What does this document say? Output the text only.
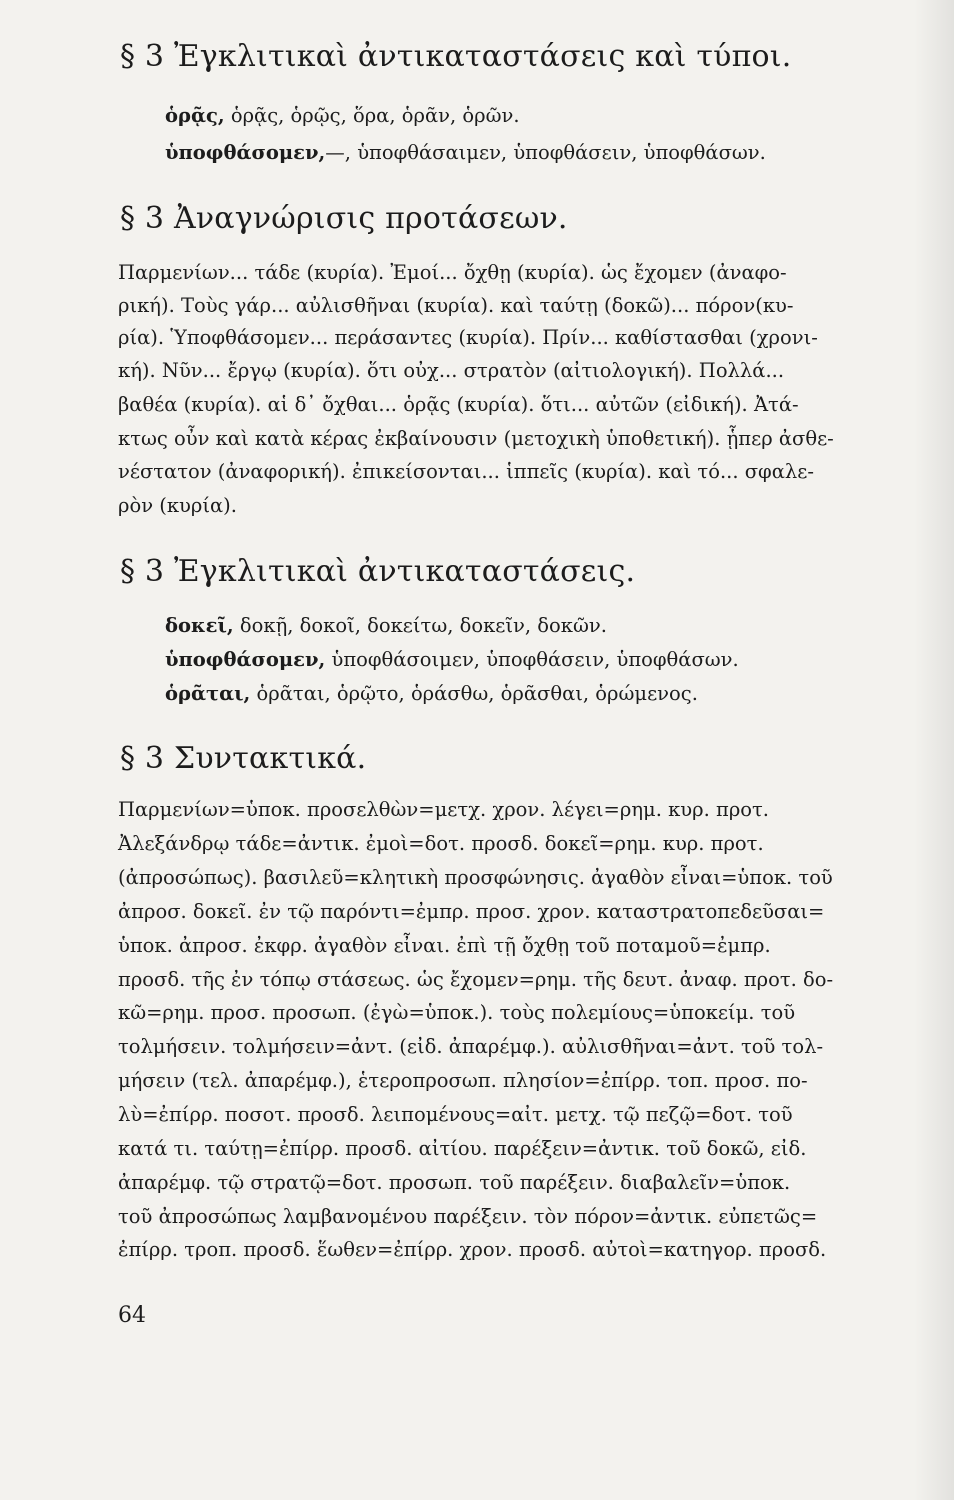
§ 3 Ἐγκλιτικαὶ ἀντικαταστάσεις καὶ τύποι.
ὁρᾷς, ὁρᾷς, ὁρῷς, ὅρα, ὁρᾶν, ὁρῶν.
ὑποφθάσομεν,—, ὑποφθάσαιμεν, ὑποφθάσειν, ὑποφθάσων.
§ 3 Ἀναγνώρισις προτάσεων.
Παρμενίων... τάδε (κυρία). Ἐμοί... ὄχθῃ (κυρία). ὡς ἔχομεν (ἀναφο-
ρική). Τοὺς γάρ... αὐλισθῆναι (κυρία). καὶ ταύτῃ (δοκῶ)... πόρον(κυ-
ρία). Ὑποφθάσομεν... περάσαντες (κυρία). Πρίν... καθίστασθαι (χρονι-
κή). Νῦν... ἔργῳ (κυρία). ὅτι οὐχ... στρατὸν (αἰτιολογική). Πολλά...
βαθέα (κυρία). αἱ δ᾽ ὄχθαι... ὁρᾷς (κυρία). ὅτι... αὐτῶν (εἰδική). Ἀτά-
κτως οὖν καὶ κατὰ κέρας ἐκβαίνουσιν (μετοχικὴ ὑποθετική). ᾗπερ ἀσθε-
νέστατον (ἀναφορική). ἐπικείσονται... ἱππεῖς (κυρία). καὶ τό... σφαλε-
ρὸν (κυρία).
§ 3 Ἐγκλιτικαὶ ἀντικαταστάσεις.
δοκεῖ, δοκῇ, δοκοῖ, δοκείτω, δοκεῖν, δοκῶν.
ὑποφθάσομεν, ὑποφθάσοιμεν, ὑποφθάσειν, ὑποφθάσων.
ὁρᾶται, ὁρᾶται, ὁρῷτο, ὁράσθω, ὁρᾶσθαι, ὁρώμενος.
§ 3 Συντακτικά.
Παρμενίων=ὑποκ. προσελθὼν=μετχ. χρον. λέγει=ρημ. κυρ. προτ.
Ἀλεξάνδρῳ τάδε=ἀντικ. ἐμοὶ=δοτ. προσδ. δοκεῖ=ρημ. κυρ. προτ.
(ἀπροσώπως). βασιλεῦ=κλητικὴ προσφώνησις. ἀγαθὸν εἶναι=ὑποκ. τοῦ
ἀπροσ. δοκεῖ. ἐν τῷ παρόντι=ἐμπρ. προσ. χρον. καταστρατοπεδεῦσαι=
ὑποκ. ἀπροσ. ἐκφρ. ἀγαθὸν εἶναι. ἐπὶ τῇ ὄχθῃ τοῦ ποταμοῦ=ἐμπρ.
προσδ. τῆς ἐν τόπῳ στάσεως. ὡς ἔχομεν=ρημ. τῆς δευτ. ἀναφ. προτ. δο-
κῶ=ρημ. προσ. προσωπ. (ἐγὼ=ὑποκ.). τοὺς πολεμίους=ὑποκείμ. τοῦ
τολμήσειν. τολμήσειν=ἀντ. (εἰδ. ἀπαρέμφ.). αὐλισθῆναι=ἀντ. τοῦ τολ-
μήσειν (τελ. ἀπαρέμφ.), ἑτεροπροσωπ. πλησίον=ἐπίρρ. τοπ. προσ. πο-
λὺ=ἐπίρρ. ποσοτ. προσδ. λειπομένους=αἰτ. μετχ. τῷ πεζῷ=δοτ. τοῦ
κατά τι. ταύτῃ=ἐπίρρ. προσδ. αἰτίου. παρέξειν=ἀντικ. τοῦ δοκῶ, εἰδ.
ἀπαρέμφ. τῷ στρατῷ=δοτ. προσωπ. τοῦ παρέξειν. διαβαλεῖν=ὑποκ.
τοῦ ἀπροσώπως λαμβανομένου παρέξειν. τὸν πόρον=ἀντικ. εὐπετῶς=
ἐπίρρ. τροπ. προσδ. ἕωθεν=ἐπίρρ. χρον. προσδ. αὐτοὶ=κατηγορ. προσδ.
64
